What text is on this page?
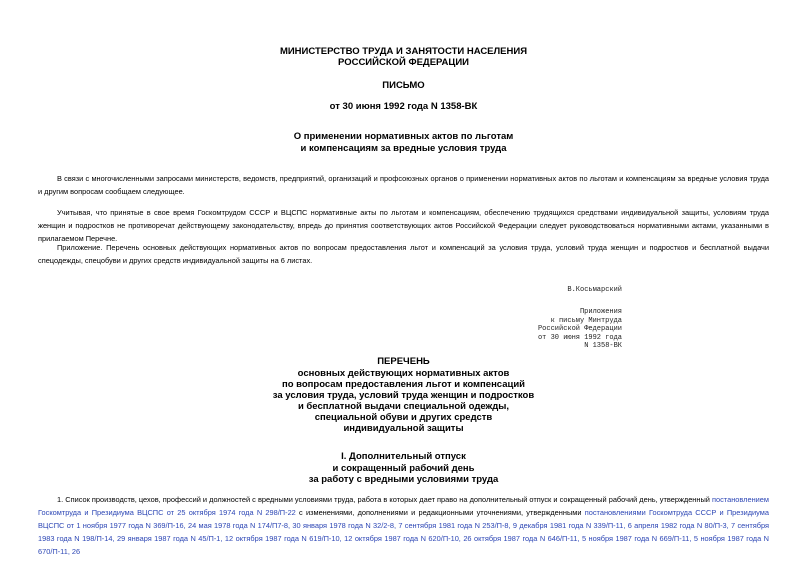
МИНИСТЕРСТВО ТРУДА И ЗАНЯТОСТИ НАСЕЛЕНИЯ
РОССИЙСКОЙ ФЕДЕРАЦИИ
ПИСЬМО
от 30 июня 1992 года N 1358-ВК
О применении нормативных актов по льготам
и компенсациям за вредные условия труда
В связи с многочисленными запросами министерств, ведомств, предприятий, организаций и профсоюзных органов о применении нормативных актов по льготам и компенсациям за вредные условия труда и другим вопросам сообщаем следующее.
Учитывая, что принятые в свое время Госкомтрудом СССР и ВЦСПС нормативные акты по льготам и компенсациям, обеспечению трудящихся средствами индивидуальной защиты, условиям труда женщин и подростков не противоречат действующему законодательству, впредь до принятия соответствующих актов Российской Федерации следует руководствоваться нормативными актами, указанными в прилагаемом Перечне.
Приложение. Перечень основных действующих нормативных актов по вопросам предоставления льгот и компенсаций за условия труда, условий труда женщин и подростков и бесплатной выдачи спецодежды, спецобуви и других средств индивидуальной защиты на 6 листах.
В.Косьмарский
Приложения
к письму Минтруда
Российской Федерации
от 30 июня 1992 года
N 1358-ВК
ПЕРЕЧЕНЬ
основных действующих нормативных актов
по вопросам предоставления льгот и компенсаций
за условия труда, условий труда женщин и подростков
и бесплатной выдачи специальной одежды,
специальной обуви и других средств
индивидуальной защиты
I. Дополнительный отпуск
и сокращенный рабочий день
за работу с вредными условиями труда
1. Список производств, цехов, профессий и должностей с вредными условиями труда, работа в которых дает право на дополнительный отпуск и сокращенный рабочий день, утвержденный постановлением Госкомтруда и Президиума ВЦСПС от 25 октября 1974 года N 298/П-22 с изменениями, дополнениями и редакционными уточнениями, утвержденными постановлениями Госкомтруда СССР и Президиума ВЦСПС от 1 ноября 1977 года N 369/П-16, 24 мая 1978 года N 174/П7-8, 30 января 1978 года N 32/2-8, 7 сентября 1981 года N 253/П-8, 9 декабря 1981 года N 339/П-11, 6 апреля 1982 года N 80/П-3, 7 сентября 1983 года N 198/П-14, 29 января 1987 года N 45/П-1, 12 октября 1987 года N 619/П-10, 12 октября 1987 года N 620/П-10, 26 октября 1987 года N 646/П-11, 5 ноября 1987 года N 669/П-11, 5 ноября 1987 года N 670/П-11, 26
